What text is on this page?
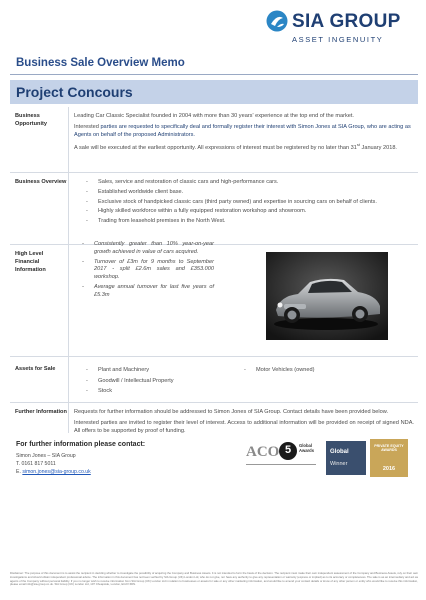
SIA GROUP
ASSET INGENUITY
Business Sale Overview Memo
Project Concours
Business Opportunity

Leading Car Classic Specialist founded in 2004 with more than 30 years' experience at the top end of the market.

Interested parties are requested to specifically deal and formally register their interest with Simon Jones at SIA Group, who are acting as Agents on behalf of the proposed Administrators.

A sale will be executed at the earliest opportunity. All expressions of interest must be registered by no later than 31st January 2018.

Business Overview	- Sales, service and restoration of classic cars and high-performance cars.
- Established worldwide client base.
- Exclusive stock of handpicked classic cars (third party owned) and expertise in sourcing cars on behalf of clients.
- Highly skilled workforce within a fully equipped restoration workshop and showroom.
- Trading from leasehold premises in the North West.
High Level Financial Information
- Consistently greater than 10% year-on-year growth achieved in value of cars acquired.
- Turnover of £3m for 9 months to September 2017 - split £2.6m sales and £353.000 workshop.
- Average annual turnover for last five years of £5.3m
Assets for Sale	- Plant and Machinery
- Goodwill / Intellectual Property
- Stock
- Motor Vehicles (owned)
Further Information Requests for further information should be addressed to Simon Jones of SIA Group. Contact details have been provided below.

Interested parties are invited to register their level of interest. Access to additional information will be provided on receipt of signed NDA. All offers to be supported by proof of funding.

For further information please contact:
Simon Jones – SIA Group
T. 0161 817 5011
E. simon.jones@sia-group.co.uk
ACO 5	Global Awards	Global
Winner
PRIVATE EQUITY AWARDS
2016
Disclaimer: The purpose of this document is to assist the recipient in deciding whether to investigate the possibility of acquiring the Company and Business Assets. It is not intended to form the basis of the decision. The recipient must make their own independent assessment of the Company and Business Assets, rely on their own investigations and should obtain independent professional advice. The information in this document has not been verified by SIA Group (UK) London Ltd, who do not give, nor have any authority to give any representation or warranty (express or implied) as to its accuracy or completeness. The sale is as an intermediary and act as agents of the Company without personal liability. If you no longer wish to receive information from SIA Group (UK) London Ltd in relation to businesses or assets for sale or any other marketing information, and would like to amend your contact details or know of any other person or entity who would like to receive this information, please email info@sia-group.co.uk. SIA Group (UK) London Ltd, 107 Cheapside, London, EC2V 6DN.
